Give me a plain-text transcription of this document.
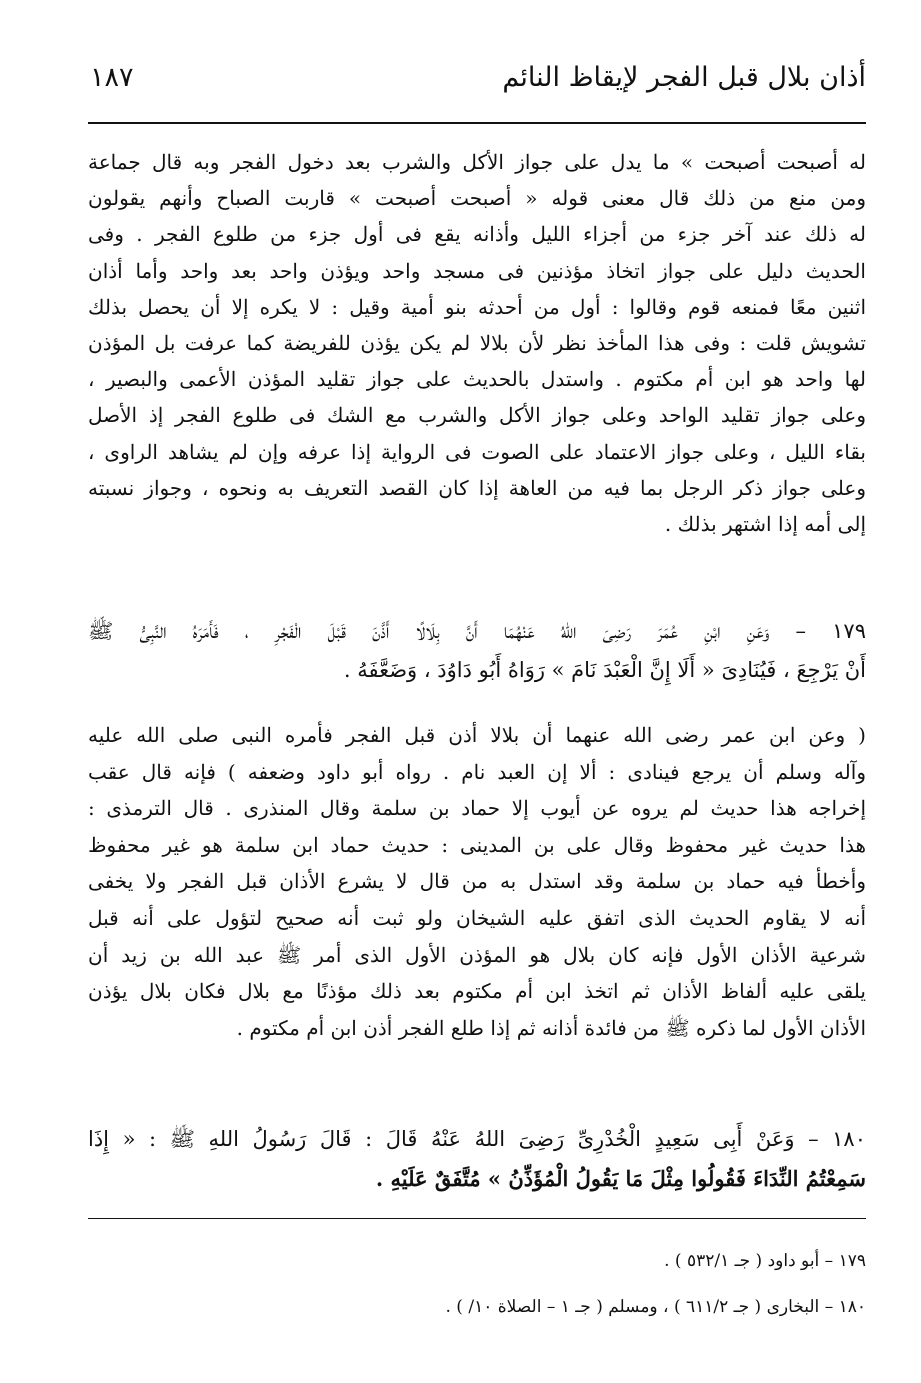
١٨٧	أذان بلال قبل الفجر لإيقاظ النائم
له أصبحت أصبحت » ما يدل على جواز الأكل والشرب بعد دخول الفجر وبه قال جماعة
ومن منع من ذلك قال معنى قوله « أصبحت أصبحت » قاربت الصباح وأنهم يقولون
له ذلك عند آخر جزء من أجزاء الليل وأذانه يقع فى أول جزء من طلوع الفجر . وفى
الحديث دليل على جواز اتخاذ مؤذنين فى مسجد واحد ويؤذن واحد بعد واحد وأما أذان
اثنين معًا فمنعه قوم وقالوا : أول من أحدثه بنو أمية وقيل : لا يكره إلا أن يحصل بذلك
تشويش قلت : وفى هذا المأخذ نظر لأن بلالا لم يكن يؤذن للفريضة كما عرفت بل المؤذن
لها واحد هو ابن أم مكتوم . واستدل بالحديث على جواز تقليد المؤذن الأعمى والبصير ،
وعلى جواز تقليد الواحد وعلى جواز الأكل والشرب مع الشك فى طلوع الفجر إذ الأصل
بقاء الليل ، وعلى جواز الاعتماد على الصوت فى الرواية إذا عرفه وإن لم يشاهد الراوى ،
وعلى جواز ذكر الرجل بما فيه من العاهة إذا كان القصد التعريف به ونحوه ، وجواز نسبته
إلى أمه إذا اشتهر بذلك .
١٧٩ – وَعَنِ ابْنِ عُمَرَ رَضِىَ اللهُ عَنْهُمَا أَنَّ بِلَالًا أَذَّنَ قَبْلَ الْفَجْرِ ، فَأَمَرَهُ النَّبِىُّ ﷺ
أَنْ يَرْجِعَ ، فَيُنَادِىَ « أَلَا إِنَّ الْعَبْدَ نَامَ » رَوَاهُ أَبُو دَاوُدَ ، وَضَعَّفَهُ .
( وعن ابن عمر رضى الله عنهما أن بلالا أذن قبل الفجر فأمره النبى صلى الله عليه
وآله وسلم أن يرجع فينادى : ألا إن العبد نام . رواه أبو داود وضعفه ) فإنه قال عقب
إخراجه هذا حديث لم يروه عن أيوب إلا حماد بن سلمة وقال المنذرى . قال الترمذى :
هذا حديث غير محفوظ وقال على بن المدينى : حديث حماد ابن سلمة هو غير محفوظ
وأخطأ فيه حماد بن سلمة وقد استدل به من قال لا يشرع الأذان قبل الفجر ولا يخفى
أنه لا يقاوم الحديث الذى اتفق عليه الشيخان ولو ثبت أنه صحيح لتؤول على أنه قبل
شرعية الأذان الأول فإنه كان بلال هو المؤذن الأول الذى أمر ﷺ عبد الله بن زيد أن
يلقى عليه ألفاظ الأذان ثم اتخذ ابن أم مكتوم بعد ذلك مؤذنًا مع بلال فكان بلال يؤذن
الأذان الأول لما ذكره ﷺ من فائدة أذانه ثم إذا طلع الفجر أذن ابن أم مكتوم .
١٨٠ – وَعَنْ أَبِى سَعِيدٍ الْخُدْرِىِّ رَضِىَ اللهُ عَنْهُ قَالَ : قَالَ رَسُولُ اللهِ ﷺ : « إِذَا
سَمِعْتُمُ النِّدَاءَ فَقُولُوا مِثْلَ مَا يَقُولُ الْمُؤَذِّنُ » مُتَّفَقٌ عَلَيْهِ .
١٧٩ – أبو داود ( جـ ٥٣٢/١ ) .
١٨٠ – البخارى ( جـ ٦١١/٢ ) ، ومسلم ( جـ ١ – الصلاة ١٠/ ) .
